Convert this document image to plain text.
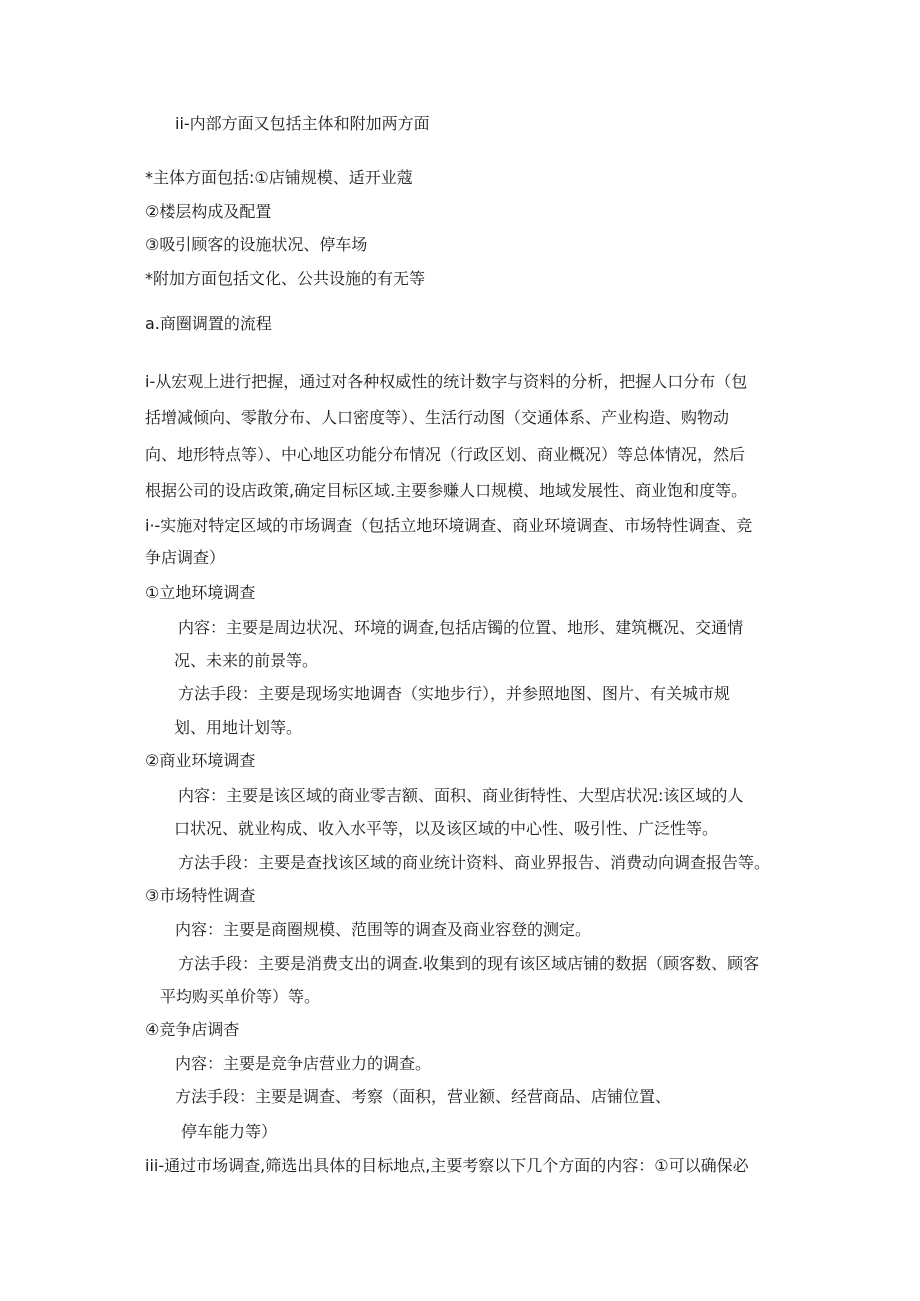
ii-内部方面又包括主体和附加两方面
*主体方面包括:①店铺规模、适开业蔻
②楼层构成及配置
③吸引顾客的设施状况、停车场
*附加方面包括文化、公共设施的有无等
a.商圈调置的流程
i-从宏观上进行把握，通过对各种权威性的统计数字与资料的分析，把握人口分布（包
括增减倾向、零散分布、人口密度等）、生活行动图（交通体系、产业构造、购物动
向、地形特点等）、中心地区功能分布情况（行政区划、商业概况）等总体情况，然后
根据公司的设店政策,确定目标区域.主要参赚人口规模、地域发展性、商业饱和度等。
i·-实施对特定区域的市场调查（包括立地环境调查、商业环境调查、市场特性调查、竞
争店调查）
①立地环境调查
内容：主要是周边状况、环境的调查,包括店镯的位置、地形、建筑概况、交通情
况、未来的前景等。
方法手段：主要是现场实地调杳（实地步行），并参照地图、图片、有关城市规
划、用地计划等。
②商业环境调查
内容：主要是该区域的商业零吉额、面积、商业街特性、大型店状况:该区域的人
口状况、就业构成、收入水平等，以及该区域的中心性、吸引性、广泛性等。
方法手段：主要是查找该区域的商业统计资料、商业界报告、消费动向调查报告等。
③市场特性调查
内容：主要是商圈规模、范围等的调查及商业容登的测定。
方法手段：主要是消费支出的调查.收集到的现有该区域店铺的数据（顾客数、顾客
平均购买单价等）等。
④竞争店调杳
内容：主要是竞争店营业力的调查。
方法手段：主要是调查、考察（面积，营业额、经营商品、店铺位置、
停车能力等）
iii-通过市场调查,筛选出具体的目标地点,主要考察以下几个方面的内容：①可以确保必
